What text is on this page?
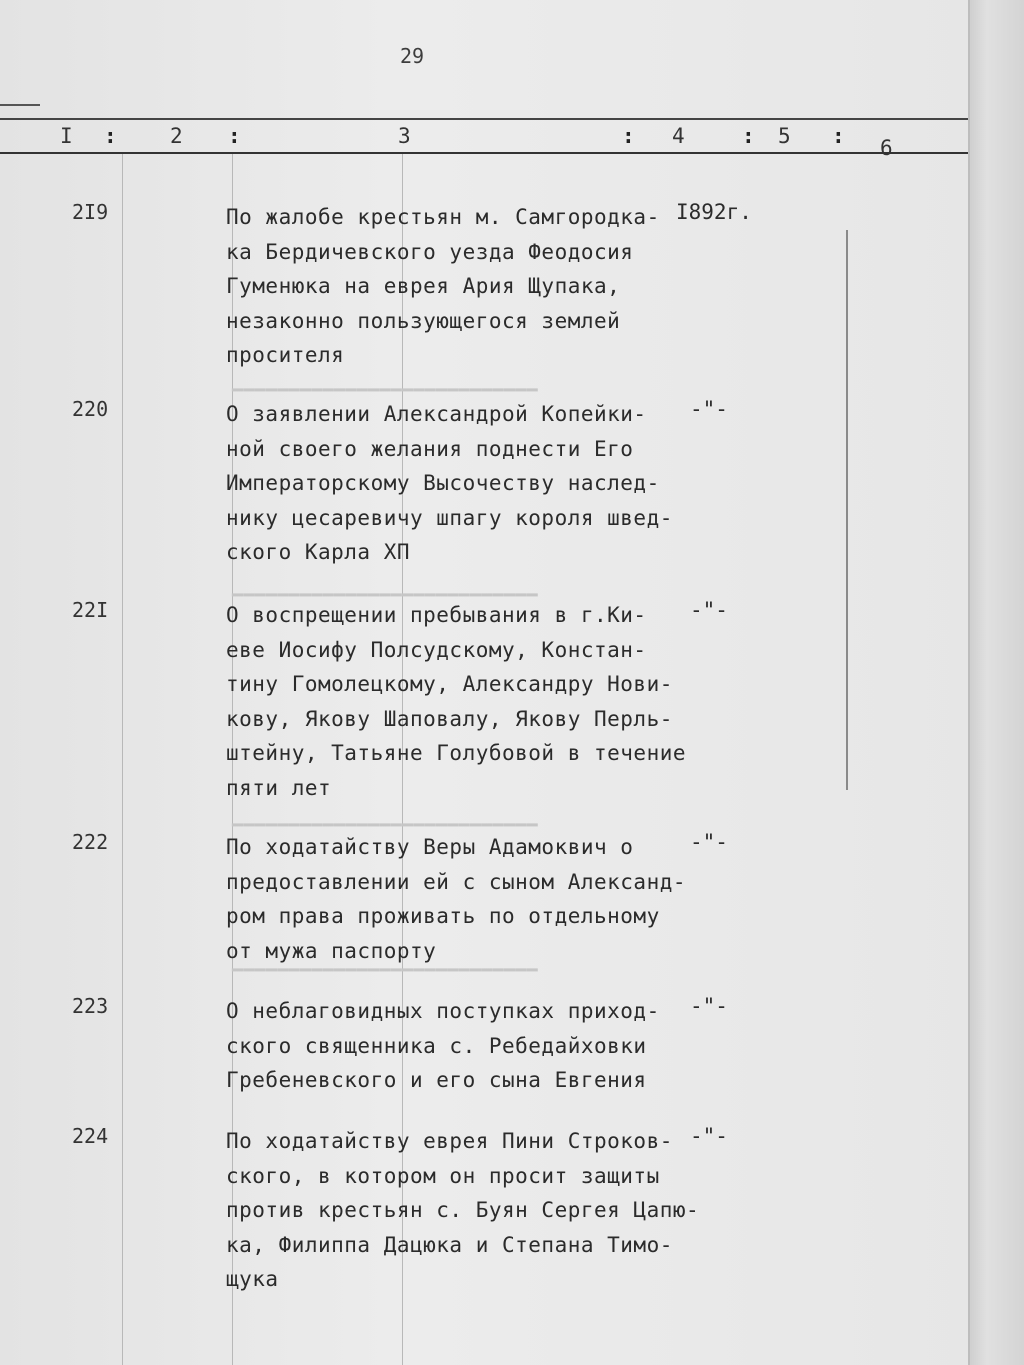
29
I :	2 :	3	: 4	: 5 : 6
━━━━━━━━━━━━━━━━━━━━━━━━━━━
━━━━━━━━━━━━━━━━━━━━━━━━━━━
━━━━━━━━━━━━━━━━━━━━━━━━━━━
━━━━━━━━━━━━━━━━━━━━━━━━━━━
2I9	По жалобе крестьян м. Самгородка-
ка Бердичевского уезда Феодосия
Гуменюка на еврея Ария Щупака,
незаконно пользующегося землей
просителя
I892г.
220	О заявлении Александрой Копейки-
ной своего желания поднести Его
Императорскому Высочеству наслед-
нику цесаревичу шпагу короля швед-
ского Карла XП
-"-
22I	О воспрещении пребывания в г.Ки-
еве Иосифу Полсудскому, Констан-
тину Гомолецкому, Александру Нови-
кову, Якову Шаповалу, Якову Перль-
штейну, Татьяне Голубовой в течение
пяти лет
-"-
222	По ходатайству Веры Адамоквич о
предоставлении ей с сыном Александ-
ром права проживать по отдельному
от мужа паспорту
-"-
223	О неблаговидных поступках приход-
ского священника с. Ребедайховки
Гребеневского и его сына Евгения
-"-
224	По ходатайству еврея Пини Строков-
ского, в котором он просит защиты
против крестьян с. Буян Сергея Цапю-
ка, Филиппа Дацюка и Степана Тимо-
щука
-"-
